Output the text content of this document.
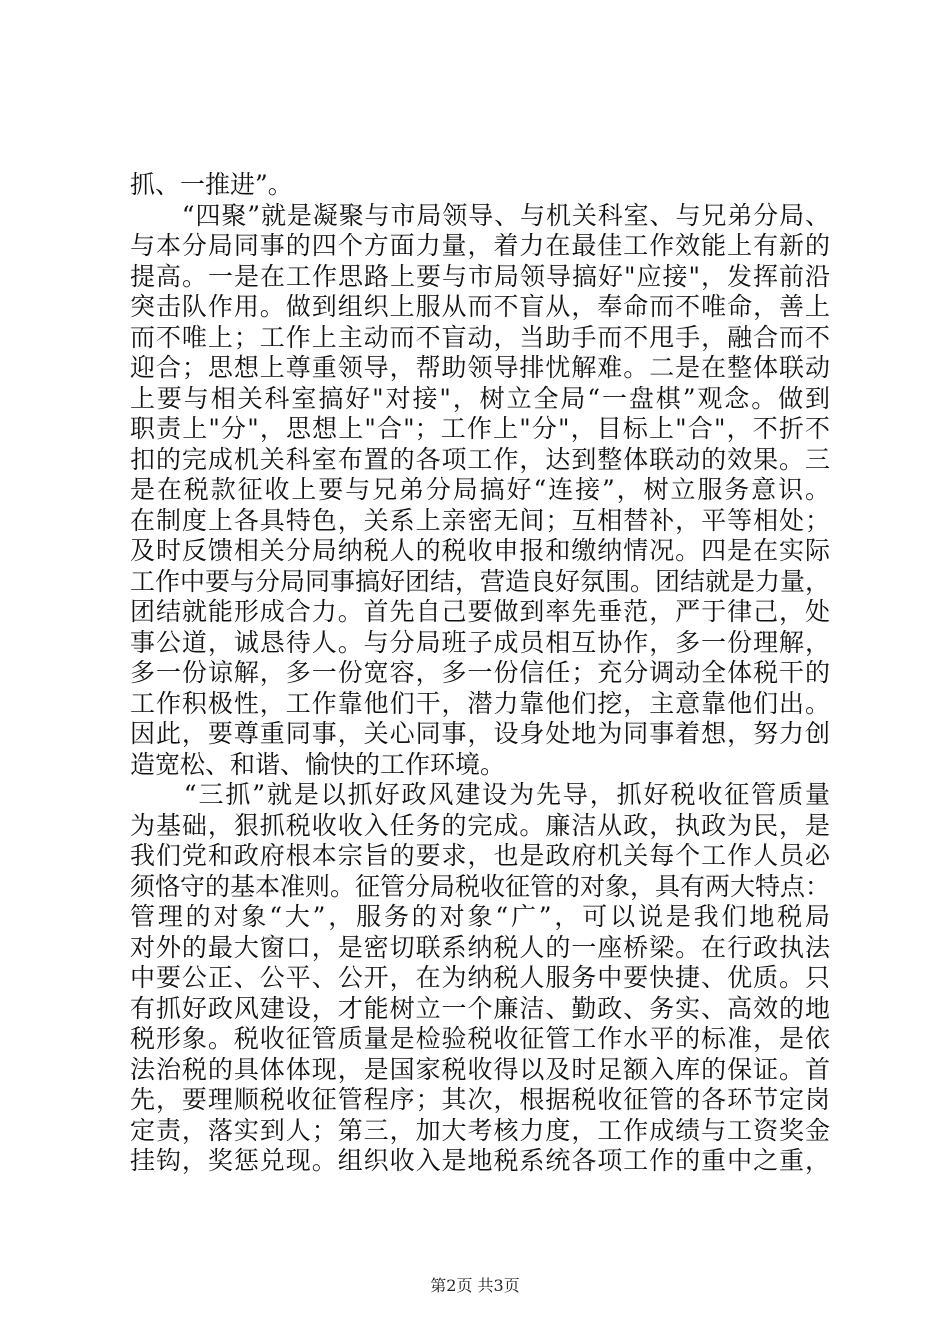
抓、一推进”。
　　“四聚”就是凝聚与市局领导、与机关科室、与兄弟分局、
与本分局同事的四个方面力量，着力在最佳工作效能上有新的
提高。一是在工作思路上要与市局领导搞好"应接"，发挥前沿
突击队作用。做到组织上服从而不盲从，奉命而不唯命，善上
而不唯上；工作上主动而不盲动，当助手而不甩手，融合而不
迎合；思想上尊重领导，帮助领导排忧解难。二是在整体联动
上要与相关科室搞好"对接"，树立全局“一盘棋”观念。做到
职责上"分"，思想上"合"；工作上"分"，目标上"合"，不折不
扣的完成机关科室布置的各项工作，达到整体联动的效果。三
是在税款征收上要与兄弟分局搞好“连接”，树立服务意识。
在制度上各具特色，关系上亲密无间；互相替补，平等相处；
及时反馈相关分局纳税人的税收申报和缴纳情况。四是在实际
工作中要与分局同事搞好团结，营造良好氛围。团结就是力量，
团结就能形成合力。首先自己要做到率先垂范，严于律己，处
事公道，诚恳待人。与分局班子成员相互协作，多一份理解，
多一份谅解，多一份宽容，多一份信任；充分调动全体税干的
工作积极性，工作靠他们干，潜力靠他们挖，主意靠他们出。
因此，要尊重同事，关心同事，设身处地为同事着想，努力创
造宽松、和谐、愉快的工作环境。
　　“三抓”就是以抓好政风建设为先导，抓好税收征管质量
为基础，狠抓税收收入任务的完成。廉洁从政，执政为民，是
我们党和政府根本宗旨的要求，也是政府机关每个工作人员必
须恪守的基本准则。征管分局税收征管的对象，具有两大特点：
管理的对象“大”，服务的对象“广”，可以说是我们地税局
对外的最大窗口，是密切联系纳税人的一座桥梁。在行政执法
中要公正、公平、公开，在为纳税人服务中要快捷、优质。只
有抓好政风建设，才能树立一个廉洁、勤政、务实、高效的地
税形象。税收征管质量是检验税收征管工作水平的标准，是依
法治税的具体体现，是国家税收得以及时足额入库的保证。首
先，要理顺税收征管程序；其次，根据税收征管的各环节定岗
定责，落实到人；第三，加大考核力度，工作成绩与工资奖金
挂钩，奖惩兑现。组织收入是地税系统各项工作的重中之重，
第2页 共3页
